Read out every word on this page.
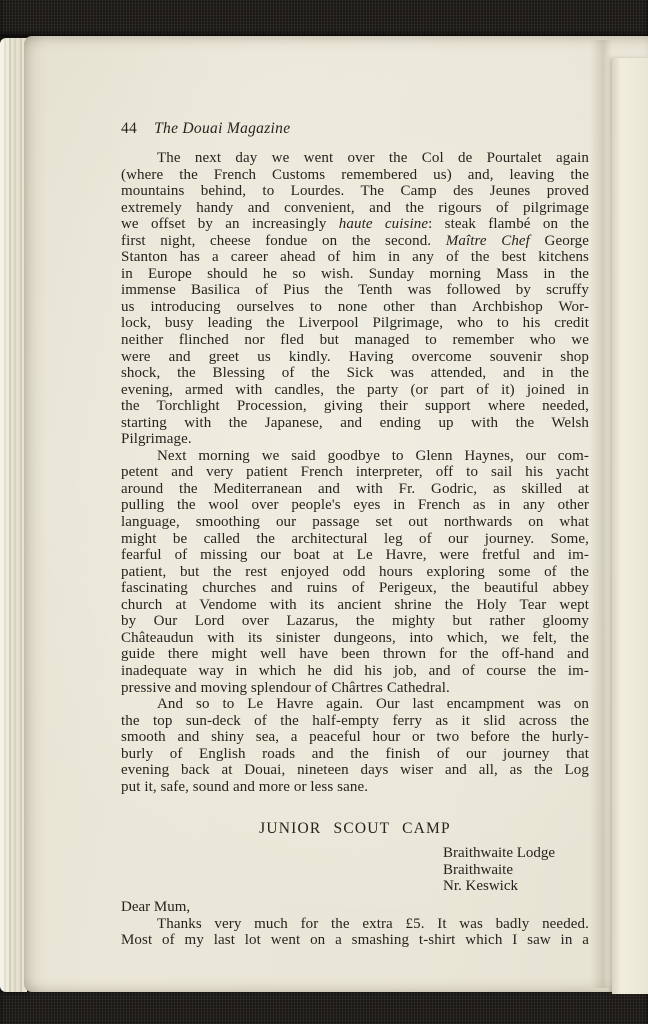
44 The Douai Magazine
The next day we went over the Col de Pourtalet again
(where the French Customs remembered us) and, leaving the
mountains behind, to Lourdes. The Camp des Jeunes proved
extremely handy and convenient, and the rigours of pilgrimage
we offset by an increasingly haute cuisine: steak flambé on the
first night, cheese fondue on the second. Maître Chef George
Stanton has a career ahead of him in any of the best kitchens
in Europe should he so wish. Sunday morning Mass in the
immense Basilica of Pius the Tenth was followed by scruffy
us introducing ourselves to none other than Archbishop Wor-
lock, busy leading the Liverpool Pilgrimage, who to his credit
neither flinched nor fled but managed to remember who we
were and greet us kindly. Having overcome souvenir shop
shock, the Blessing of the Sick was attended, and in the
evening, armed with candles, the party (or part of it) joined in
the Torchlight Procession, giving their support where needed,
starting with the Japanese, and ending up with the Welsh
Pilgrimage.
Next morning we said goodbye to Glenn Haynes, our com-
petent and very patient French interpreter, off to sail his yacht
around the Mediterranean and with Fr. Godric, as skilled at
pulling the wool over people's eyes in French as in any other
language, smoothing our passage set out northwards on what
might be called the architectural leg of our journey. Some,
fearful of missing our boat at Le Havre, were fretful and im-
patient, but the rest enjoyed odd hours exploring some of the
fascinating churches and ruins of Perigeux, the beautiful abbey
church at Vendome with its ancient shrine the Holy Tear wept
by Our Lord over Lazarus, the mighty but rather gloomy
Châteaudun with its sinister dungeons, into which, we felt, the
guide there might well have been thrown for the off-hand and
inadequate way in which he did his job, and of course the im-
pressive and moving splendour of Chârtres Cathedral.
And so to Le Havre again. Our last encampment was on
the top sun-deck of the half-empty ferry as it slid across the
smooth and shiny sea, a peaceful hour or two before the hurly-
burly of English roads and the finish of our journey that
evening back at Douai, nineteen days wiser and all, as the Log
put it, safe, sound and more or less sane.
JUNIOR SCOUT CAMP
Braithwaite Lodge
Braithwaite
Nr. Keswick
Dear Mum,
Thanks very much for the extra £5. It was badly needed.
Most of my last lot went on a smashing t-shirt which I saw in a
